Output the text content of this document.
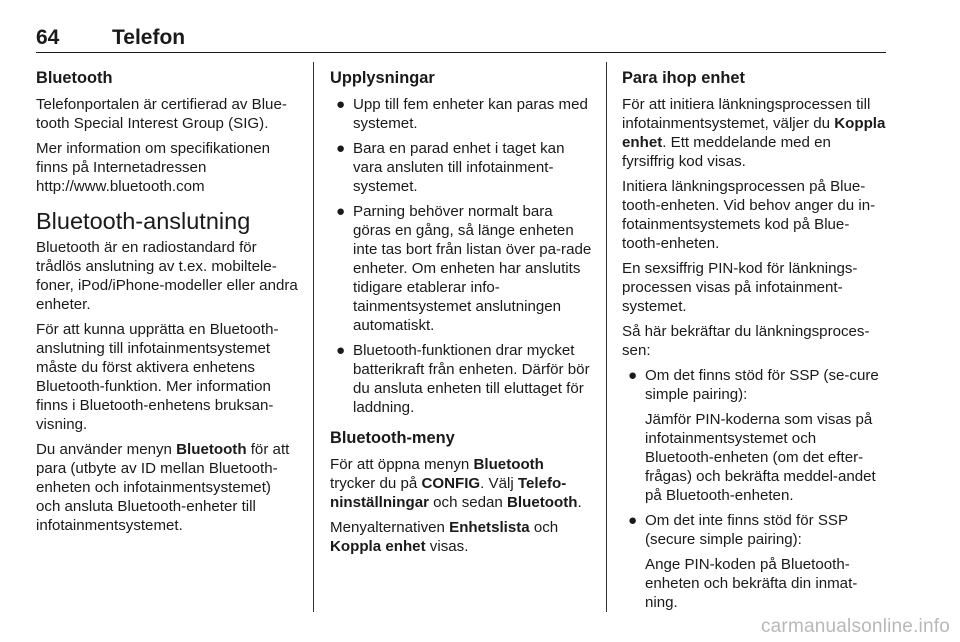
64	Telefon
Bluetooth

Telefonportalen är certifierad av Blue-tooth Special Interest Group (SIG).

Mer information om specifikationen finns på Internetadressen http://www.bluetooth.com

Bluetooth-anslutning

Bluetooth är en radiostandard för trådlös anslutning av t.ex. mobiltele-foner, iPod/iPhone-modeller eller andra enheter.

För att kunna upprätta en Bluetooth-anslutning till infotainmentsystemet måste du först aktivera enhetens Bluetooth-funktion. Mer information finns i Bluetooth-enhetens bruksan-visning.

Du använder menyn Bluetooth för att para (utbyte av ID mellan Bluetooth-enheten och infotainmentsystemet) och ansluta Bluetooth-enheter till infotainmentsystemet.

Upplysningar
● Upp till fem enheter kan paras med systemet.
● Bara en parad enhet i taget kan vara ansluten till infotainment-systemet.
● Parning behöver normalt bara göras en gång, så länge enheten inte tas bort från listan över pa-rade enheter. Om enheten har anslutits tidigare etablerar info-tainmentsystemet anslutningen automatiskt.
● Bluetooth-funktionen drar mycket batterikraft från enheten. Därför bör du ansluta enheten till eluttaget för laddning.
Bluetooth-meny

För att öppna menyn Bluetooth trycker du på CONFIG. Välj Telefo-ninställningar och sedan Bluetooth.

Menyalternativen Enhetslista och Koppla enhet visas.

Para ihop enhet

För att initiera länkningsprocessen till infotainmentsystemet, väljer du Koppla enhet. Ett meddelande med en fyrsiffrig kod visas.

Initiera länkningsprocessen på Blue-tooth-enheten. Vid behov anger du in-fotainmentsystemets kod på Blue-tooth-enheten.

En sexsiffrig PIN-kod för länknings-processen visas på infotainment-systemet.

Så här bekräftar du länkningsproces-sen:

● Om det finns stöd för SSP (se-cure simple pairing):

Jämför PIN-koderna som visas på infotainmentsystemet och Bluetooth-enheten (om det efter-frågas) och bekräfta meddel-andet på Bluetooth-enheten.

● Om det inte finns stöd för SSP (secure simple pairing):

Ange PIN-koden på Bluetooth-enheten och bekräfta din inmat-ning.

carmanualsonline.info
